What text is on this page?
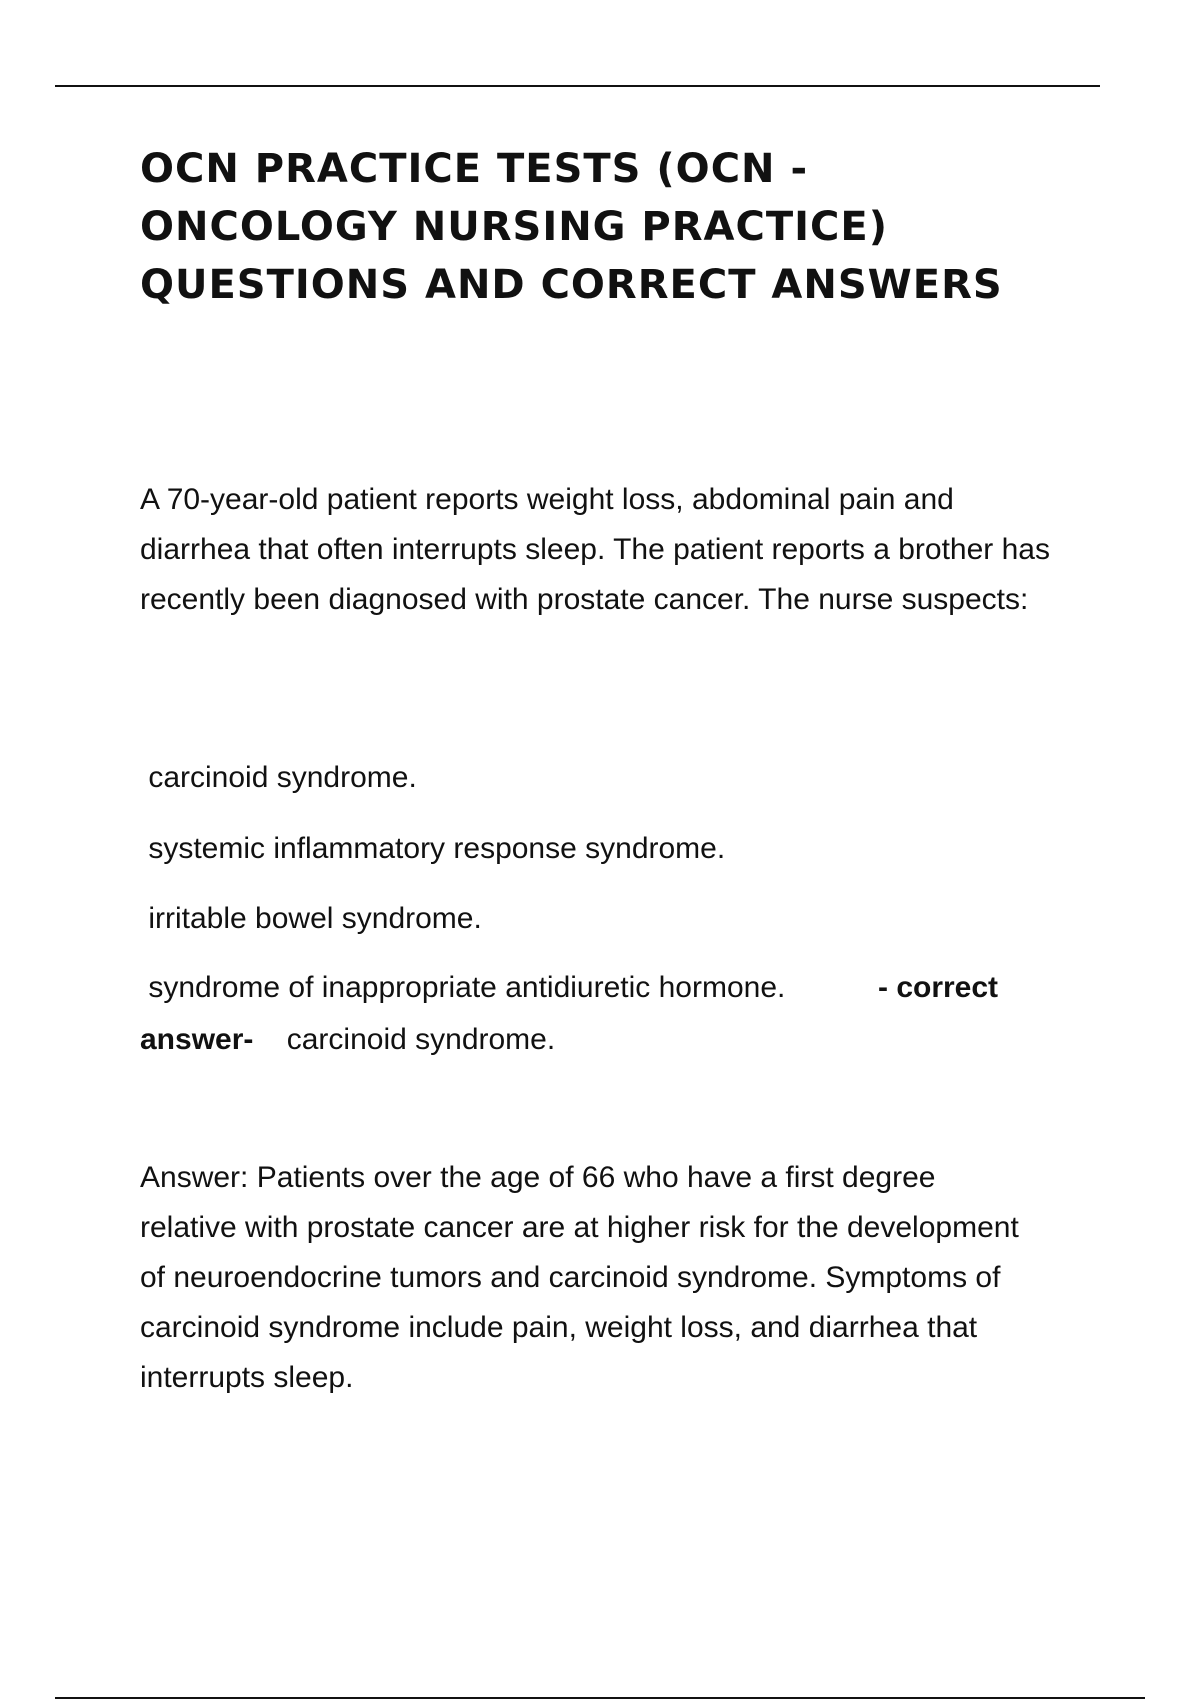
OCN PRACTICE TESTS (OCN - ONCOLOGY NURSING PRACTICE) QUESTIONS AND CORRECT ANSWERS

A 70-year-old patient reports weight loss, abdominal pain and diarrhea that often interrupts sleep. The patient reports a brother has recently been diagnosed with prostate cancer. The nurse suspects:

carcinoid syndrome.

systemic inflammatory response syndrome.

irritable bowel syndrome.

syndrome of inappropriate antidiuretic hormone.	- correct

answer- carcinoid syndrome.

Answer: Patients over the age of 66 who have a first degree relative with prostate cancer are at higher risk for the development of neuroendocrine tumors and carcinoid syndrome. Symptoms of carcinoid syndrome include pain, weight loss, and diarrhea that interrupts sleep.
